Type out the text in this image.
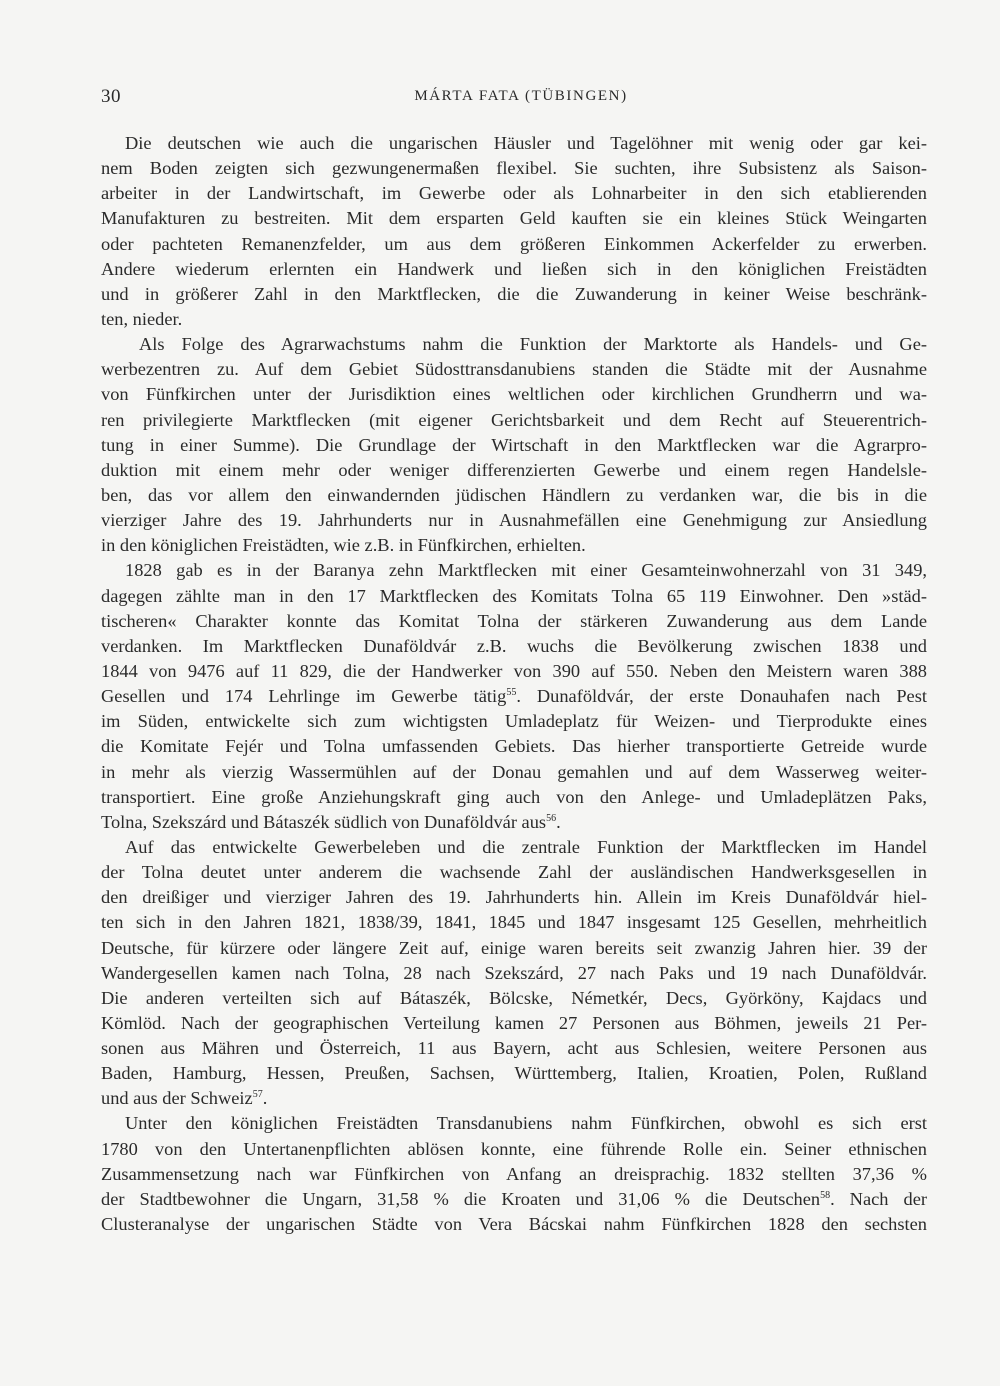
30	MÁRTA FATA (TÜBINGEN)
Die deutschen wie auch die ungarischen Häusler und Tagelöhner mit wenig oder gar kei-
nem Boden zeigten sich gezwungenermaßen flexibel. Sie suchten, ihre Subsistenz als Saison-
arbeiter in der Landwirtschaft, im Gewerbe oder als Lohnarbeiter in den sich etablierenden
Manufakturen zu bestreiten. Mit dem ersparten Geld kauften sie ein kleines Stück Weingarten
oder pachteten Remanenzfelder, um aus dem größeren Einkommen Ackerfelder zu erwerben.
Andere wiederum erlernten ein Handwerk und ließen sich in den königlichen Freistädten
und in größerer Zahl in den Marktflecken, die die Zuwanderung in keiner Weise beschränk-
ten, nieder.
Als Folge des Agrarwachstums nahm die Funktion der Marktorte als Handels- und Ge-
werbezentren zu. Auf dem Gebiet Südosttransdanubiens standen die Städte mit der Ausnahme
von Fünfkirchen unter der Jurisdiktion eines weltlichen oder kirchlichen Grundherrn und wa-
ren privilegierte Marktflecken (mit eigener Gerichtsbarkeit und dem Recht auf Steuerentrich-
tung in einer Summe). Die Grundlage der Wirtschaft in den Marktflecken war die Agrarpro-
duktion mit einem mehr oder weniger differenzierten Gewerbe und einem regen Handelsle-
ben, das vor allem den einwandernden jüdischen Händlern zu verdanken war, die bis in die
vierziger Jahre des 19. Jahrhunderts nur in Ausnahmefällen eine Genehmigung zur Ansiedlung
in den königlichen Freistädten, wie z.B. in Fünfkirchen, erhielten.
1828 gab es in der Baranya zehn Marktflecken mit einer Gesamteinwohnerzahl von 31 349,
dagegen zählte man in den 17 Marktflecken des Komitats Tolna 65 119 Einwohner. Den »städ-
tischeren« Charakter konnte das Komitat Tolna der stärkeren Zuwanderung aus dem Lande
verdanken. Im Marktflecken Dunaföldvár z.B. wuchs die Bevölkerung zwischen 1838 und
1844 von 9476 auf 11 829, die der Handwerker von 390 auf 550. Neben den Meistern waren 388
Gesellen und 174 Lehrlinge im Gewerbe tätig$^{55}$. Dunaföldvár, der erste Donauhafen nach Pest
im Süden, entwickelte sich zum wichtigsten Umladeplatz für Weizen- und Tierprodukte eines
die Komitate Fejér und Tolna umfassenden Gebiets. Das hierher transportierte Getreide wurde
in mehr als vierzig Wassermühlen auf der Donau gemahlen und auf dem Wasserweg weiter-
transportiert. Eine große Anziehungskraft ging auch von den Anlege- und Umladeplätzen Paks,
Tolna, Szekszárd und Bátaszék südlich von Dunaföldvár aus$^{56}$.
Auf das entwickelte Gewerbeleben und die zentrale Funktion der Marktflecken im Handel
der Tolna deutet unter anderem die wachsende Zahl der ausländischen Handwerksgesellen in
den dreißiger und vierziger Jahren des 19. Jahrhunderts hin. Allein im Kreis Dunaföldvár hiel-
ten sich in den Jahren 1821, 1838/39, 1841, 1845 und 1847 insgesamt 125 Gesellen, mehrheitlich
Deutsche, für kürzere oder längere Zeit auf, einige waren bereits seit zwanzig Jahren hier. 39 der
Wandergesellen kamen nach Tolna, 28 nach Szekszárd, 27 nach Paks und 19 nach Dunaföldvár.
Die anderen verteilten sich auf Bátaszék, Bölcske, Németkér, Decs, Györköny, Kajdacs und
Kömlöd. Nach der geographischen Verteilung kamen 27 Personen aus Böhmen, jeweils 21 Per-
sonen aus Mähren und Österreich, 11 aus Bayern, acht aus Schlesien, weitere Personen aus
Baden, Hamburg, Hessen, Preußen, Sachsen, Württemberg, Italien, Kroatien, Polen, Rußland
und aus der Schweiz$^{57}$.
Unter den königlichen Freistädten Transdanubiens nahm Fünfkirchen, obwohl es sich erst
1780 von den Untertanenpflichten ablösen konnte, eine führende Rolle ein. Seiner ethnischen
Zusammensetzung nach war Fünfkirchen von Anfang an dreisprachig. 1832 stellten 37,36 %
der Stadtbewohner die Ungarn, 31,58 % die Kroaten und 31,06 % die Deutschen$^{58}$. Nach der
Clusteranalyse der ungarischen Städte von Vera Bácskai nahm Fünfkirchen 1828 den sechsten
